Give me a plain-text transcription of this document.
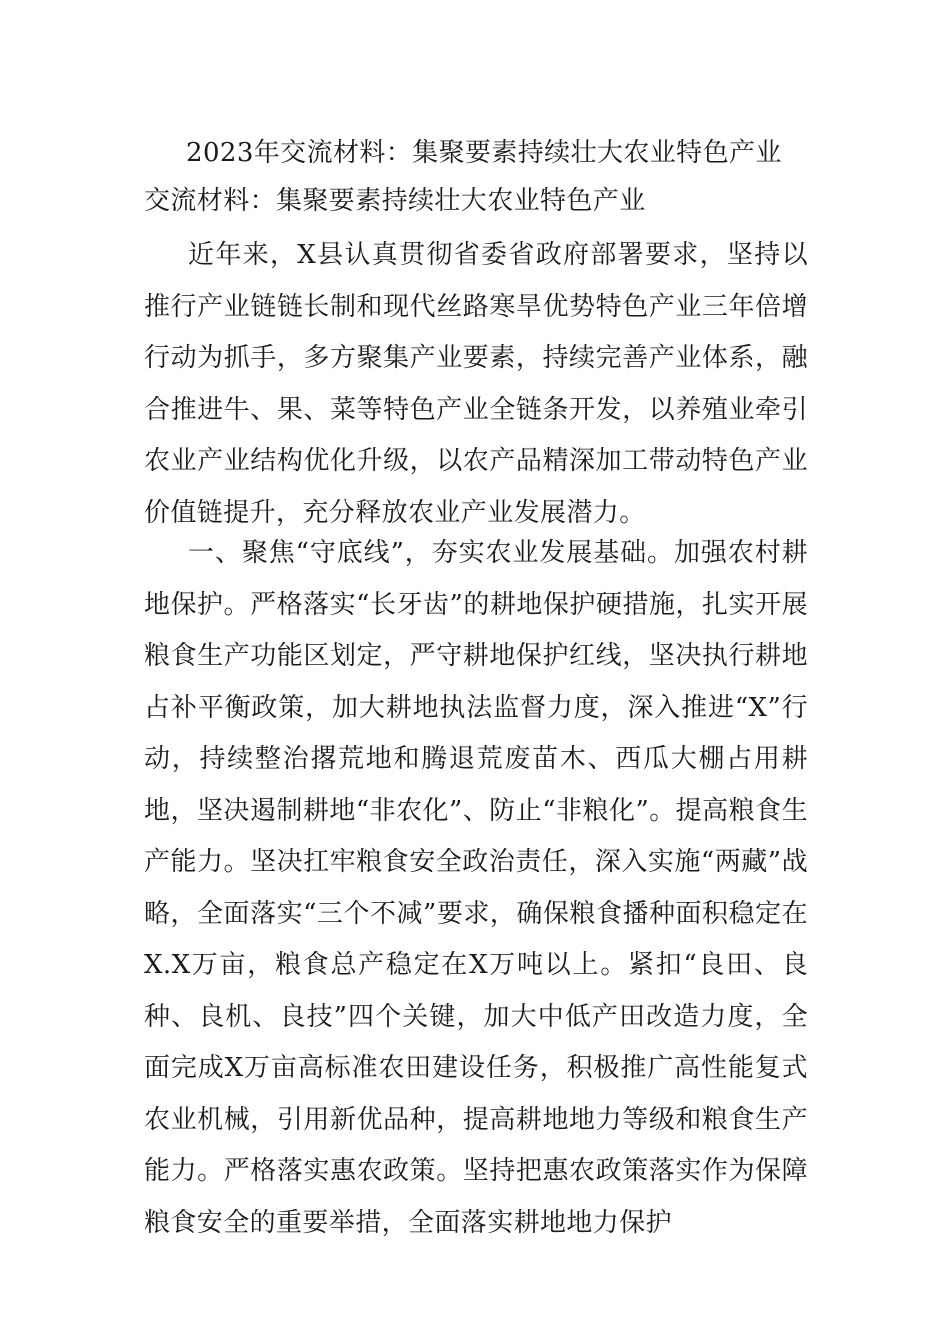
2023年交流材料：集聚要素持续壮大农业特色产业
交流材料：集聚要素持续壮大农业特色产业

近年来，X县认真贯彻省委省政府部署要求，坚持以推行产业链链长制和现代丝路寒旱优势特色产业三年倍增行动为抓手，多方聚集产业要素，持续完善产业体系，融合推进牛、果、菜等特色产业全链条开发，以养殖业牵引农业产业结构优化升级，以农产品精深加工带动特色产业价值链提升，充分释放农业产业发展潜力。

一、聚焦“守底线”，夯实农业发展基础。加强农村耕地保护。严格落实“长牙齿”的耕地保护硬措施，扎实开展粮食生产功能区划定，严守耕地保护红线，坚决执行耕地占补平衡政策，加大耕地执法监督力度，深入推进“X”行动，持续整治撂荒地和腾退荒废苗木、西瓜大棚占用耕地，坚决遏制耕地“非农化”、防止“非粮化”。提高粮食生产能力。坚决扛牢粮食安全政治责任，深入实施“两藏”战略，全面落实“三个不减”要求，确保粮食播种面积稳定在X.X万亩，粮食总产稳定在X万吨以上。紧扣“良田、良种、良机、良技”四个关键，加大中低产田改造力度，全面完成X万亩高标准农田建设任务，积极推广高性能复式农业机械，引用新优品种，提高耕地地力等级和粮食生产能力。严格落实惠农政策。坚持把惠农政策落实作为保障粮食安全的重要举措，全面落实耕地地力保护
